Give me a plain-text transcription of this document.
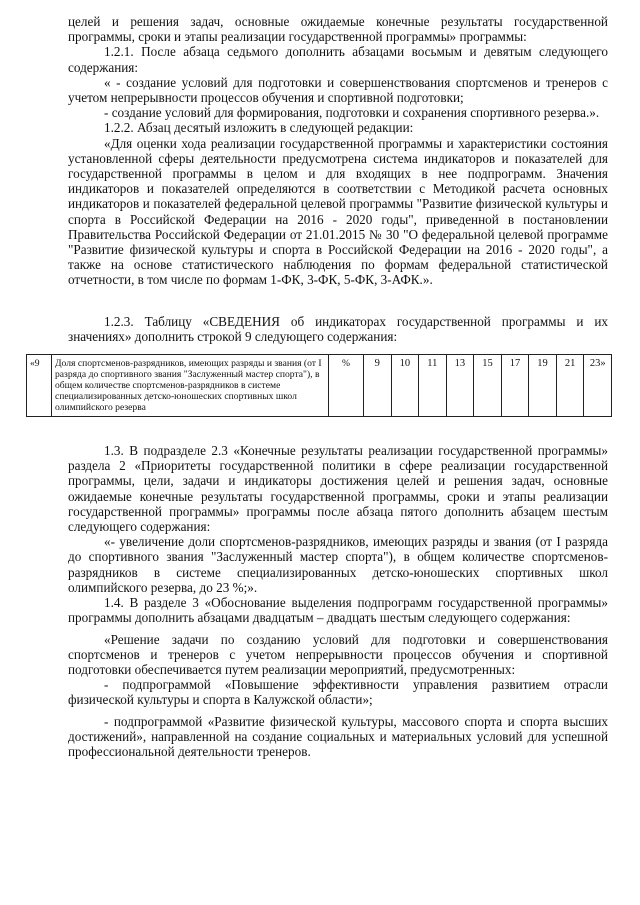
целей и решения задач, основные ожидаемые конечные результаты государственной программы, сроки и этапы реализации государственной программы» программы:

1.2.1. После абзаца седьмого дополнить абзацами восьмым и девятым следующего содержания:

« - создание условий для подготовки и совершенствования спортсменов и тренеров с учетом непрерывности процессов обучения и спортивной подготовки;

- создание условий для формирования, подготовки и сохранения спортивного резерва.».

1.2.2. Абзац десятый изложить в следующей редакции:

«Для оценки хода реализации государственной программы и характеристики состояния установленной сферы деятельности предусмотрена система индикаторов и показателей для государственной программы в целом и для входящих в нее подпрограмм. Значения индикаторов и показателей определяются в соответствии с Методикой расчета основных индикаторов и показателей федеральной целевой программы "Развитие физической культуры и спорта в Российской Федерации на 2016 - 2020 годы", приведенной в постановлении Правительства Российской Федерации от 21.01.2015 № 30 "О федеральной целевой программе "Развитие физической культуры и спорта в Российской Федерации на 2016 - 2020 годы", а также на основе статистического наблюдения по формам федеральной статистической отчетности, в том числе по формам 1-ФК, 3-ФК, 5-ФК, 3-АФК.».

1.2.3. Таблицу «СВЕДЕНИЯ об индикаторах государственной программы и их значениях» дополнить строкой 9 следующего содержания:

«9	Доля спортсменов-разрядников, имеющих разряды и звания (от I разряда до спортивного звания "Заслуженный мастер спорта"), в общем количестве спортсменов-разрядников в системе специализированных детско-юношеских спортивных школ олимпийского резерва	%	9	10	11	13	15	17	19	21	23»

1.3. В подразделе 2.3 «Конечные результаты реализации государственной программы» раздела 2 «Приоритеты государственной политики в сфере реализации государственной программы, цели, задачи и индикаторы достижения целей и решения задач, основные ожидаемые конечные результаты государственной программы, сроки и этапы реализации государственной программы» программы после абзаца пятого дополнить абзацем шестым следующего содержания:

«- увеличение доли спортсменов-разрядников, имеющих разряды и звания (от I разряда до спортивного звания "Заслуженный мастер спорта"), в общем количестве спортсменов-разрядников в системе специализированных детско-юношеских спортивных школ олимпийского резерва, до 23 %;».

1.4. В разделе 3 «Обоснование выделения подпрограмм государственной программы» программы дополнить абзацами двадцатым – двадцать шестым следующего содержания:

«Решение задачи по созданию условий для подготовки и совершенствования спортсменов и тренеров с учетом непрерывности процессов обучения и спортивной подготовки обеспечивается путем реализации мероприятий, предусмотренных:

- подпрограммой «Повышение эффективности управления развитием отрасли физической культуры и спорта в Калужской области»;

- подпрограммой «Развитие физической культуры, массового спорта и спорта высших достижений», направленной на создание социальных и материальных условий для успешной профессиональной деятельности тренеров.
